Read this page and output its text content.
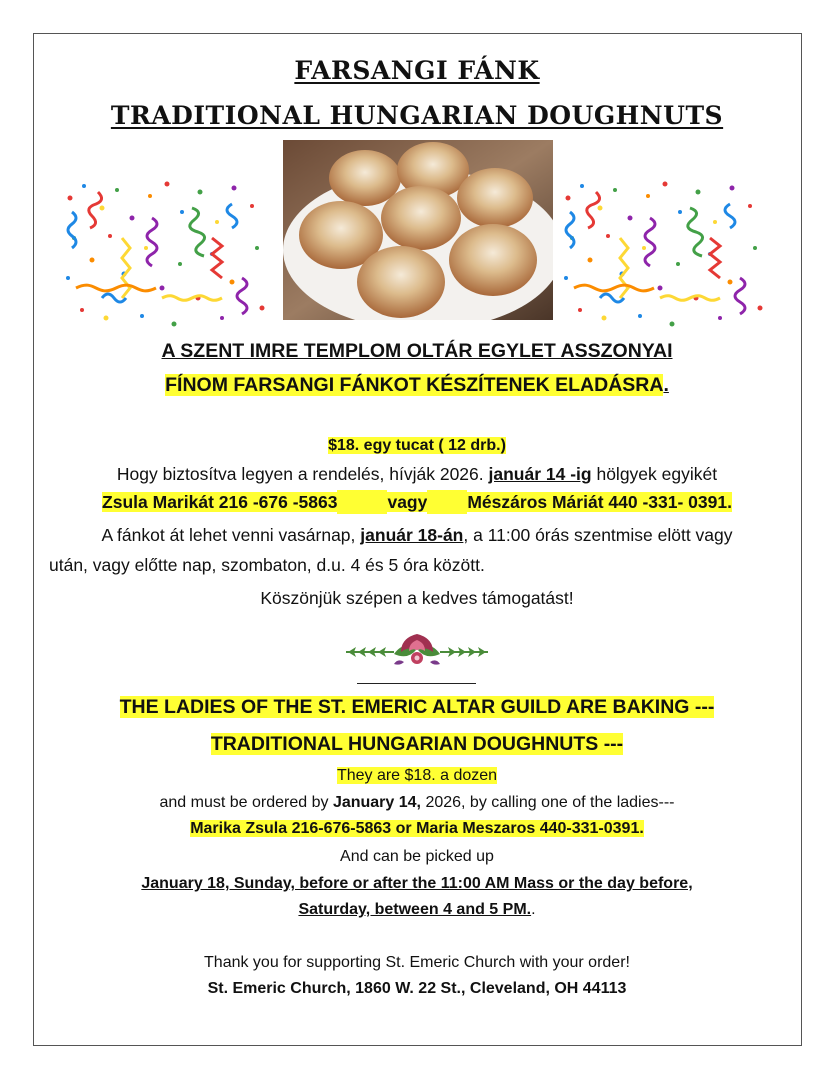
FARSANGI FÁNK
TRADITIONAL HUNGARIAN DOUGHNUTS
A SZENT IMRE TEMPLOM OLTÁR EGYLET ASSZONYAI
FÍNOM FARSANGI FÁNKOT KÉSZÍTENEK ELADÁSRA.
$18. egy tucat ( 12 drb.)
Hogy biztosítva legyen a rendelés, hívják 2026. január 14 -ig hölgyek egyikét
Zsula Marikát 216 -676 -5863	vagy Mészáros Máriát 440 -331- 0391.
A fánkot át lehet venni vasárnap, január 18-án, a 11:00 órás szentmise elött vagy
után, vagy előtte nap, szombaton, d.u. 4 és 5 óra között.
Köszönjük szépen a kedves támogatást!
THE LADIES OF THE ST. EMERIC ALTAR GUILD ARE BAKING ---
TRADITIONAL HUNGARIAN DOUGHNUTS ---
They are $18. a dozen
and must be ordered by January 14, 2026, by calling one of the ladies---
Marika Zsula 216-676-5863 or Maria Meszaros 440-331-0391.
And can be picked up
January 18, Sunday, before or after the 11:00 AM Mass or the day before,
Saturday, between 4 and 5 PM..
Thank you for supporting St. Emeric Church with your order!
St. Emeric Church, 1860 W. 22 St., Cleveland, OH 44113
